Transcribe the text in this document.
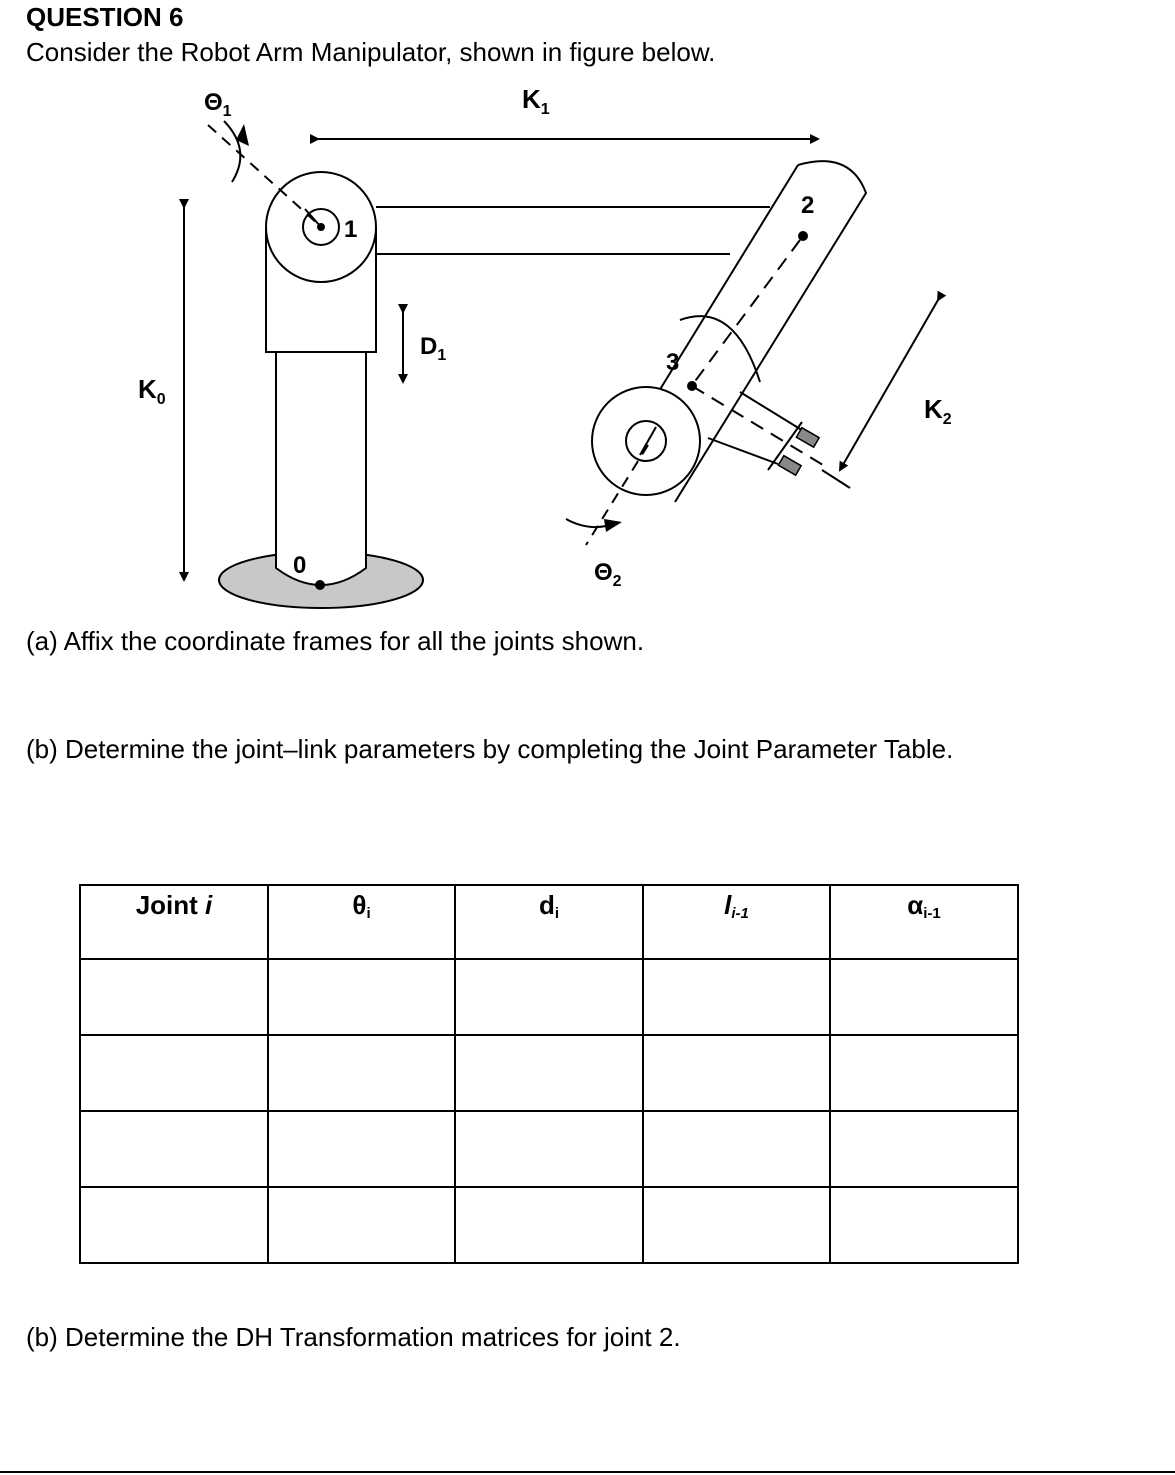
QUESTION 6

Consider the Robot Arm Manipulator, shown in figure below.

$\Theta_1$	$K_1$
1
2
$D_1$	3
$K_0$	$K_2$
0	$\Theta_2$

(a) Affix the coordinate frames for all the joints shown.

(b) Determine the joint–link parameters by completing the Joint Parameter Table.

Joint i	$\theta_i$	$d_i$	$l_{i-1}$	$\alpha_{i-1}$

(b) Determine the DH Transformation matrices for joint 2.
